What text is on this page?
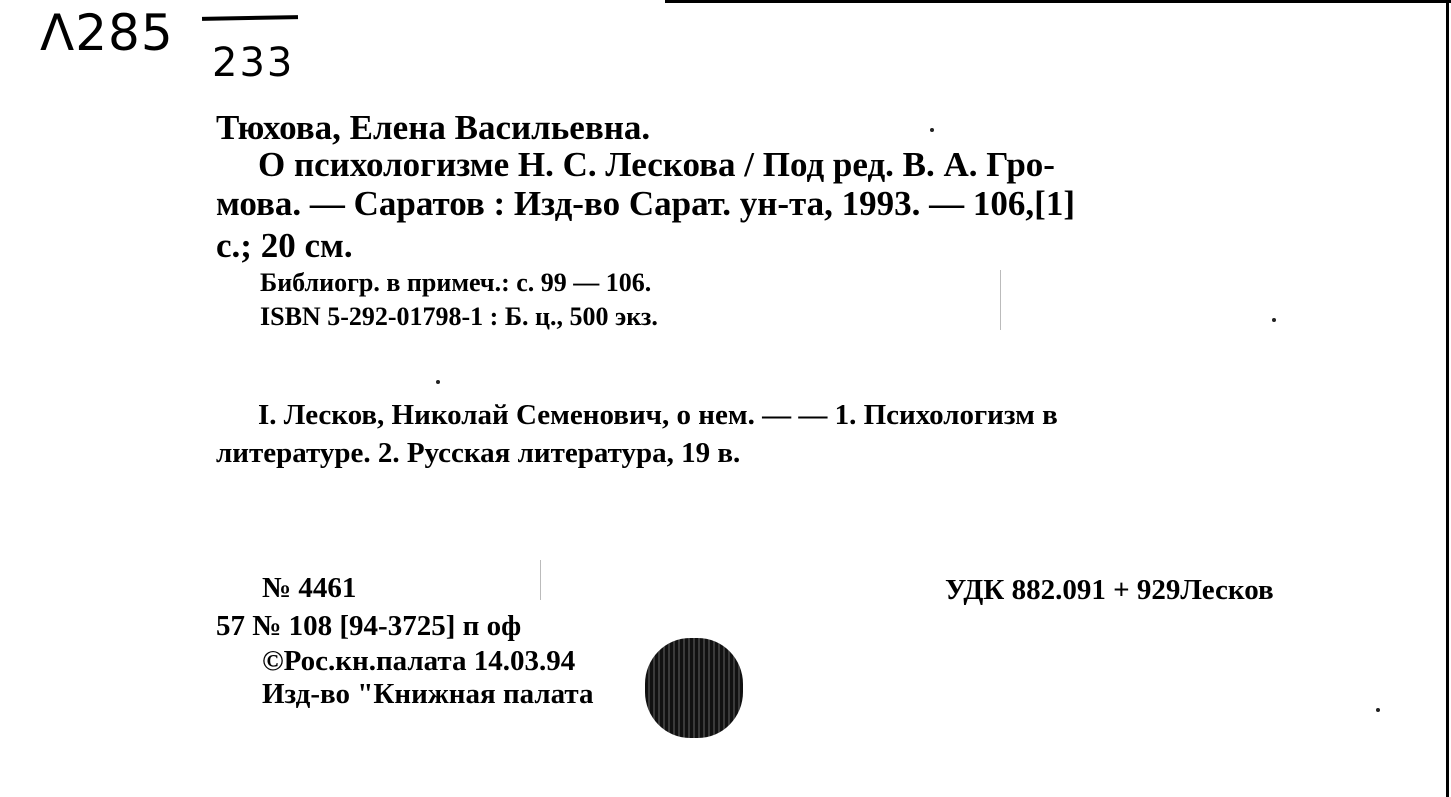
Λ285
233
Тюхова, Елена Васильевна.
О психологизме Н. С. Лескова / Под ред. В. А. Гро-
мова. — Саратов : Изд-во Сарат. ун-та, 1993. — 106,[1]
с.; 20 см.
Библиогр. в примеч.: с. 99 — 106.
ISBN 5-292-01798-1 : Б. ц., 500 экз.
I. Лесков, Николай Семенович, о нем. — — 1. Психологизм в
литературе. 2. Русская литература, 19 в.
№ 4461	УДК 882.091 + 929Лесков
57 № 108 [94-3725] п оф
©Рос.кн.палата 14.03.94
Изд-во "Книжная палата
